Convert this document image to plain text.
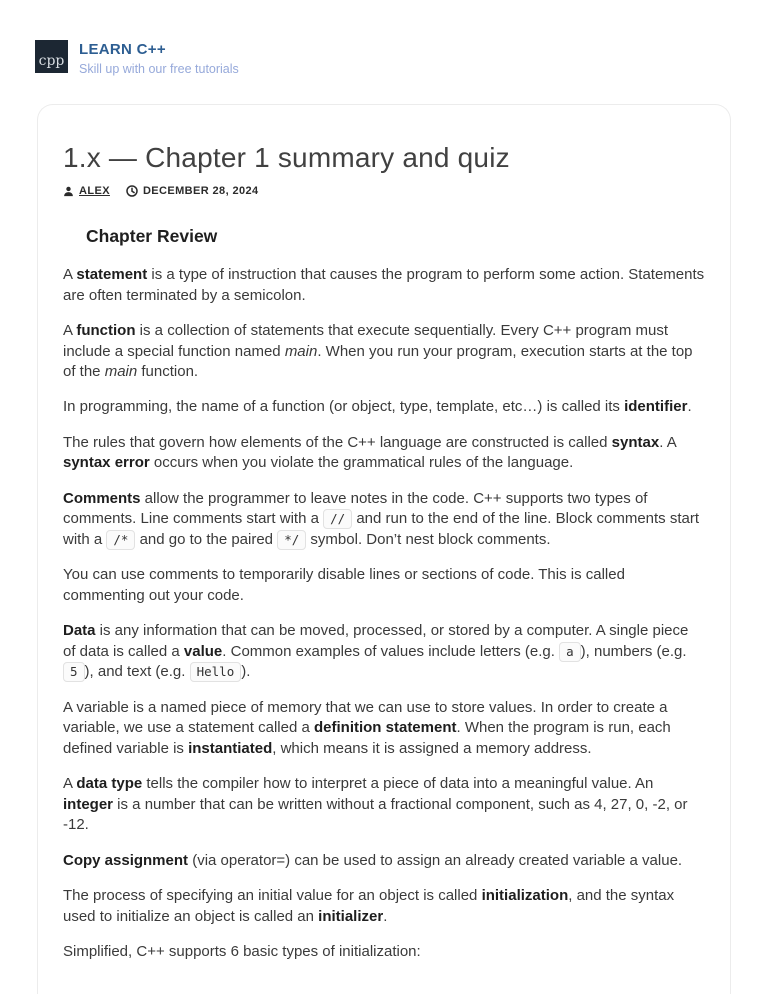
cpp
LEARN C++
Skill up with our free tutorials
1.x — Chapter 1 summary and quiz
ALEX	DECEMBER 28, 2024
Chapter Review

A statement is a type of instruction that causes the program to perform some action. Statements are often terminated by a semicolon.

A function is a collection of statements that execute sequentially. Every C++ program must include a special function named main. When you run your program, execution starts at the top of the main function.

In programming, the name of a function (or object, type, template, etc…) is called its identifier.

The rules that govern how elements of the C++ language are constructed is called syntax. A syntax error occurs when you violate the grammatical rules of the language.

Comments allow the programmer to leave notes in the code. C++ supports two types of comments. Line comments start with a // and run to the end of the line. Block comments start with a /* and go to the paired */ symbol. Don’t nest block comments.

You can use comments to temporarily disable lines or sections of code. This is called commenting out your code.

Data is any information that can be moved, processed, or stored by a computer. A single piece of data is called a value. Common examples of values include letters (e.g. a ), numbers (e.g. 5 ), and text (e.g. Hello ).

A variable is a named piece of memory that we can use to store values. In order to create a variable, we use a statement called a definition statement. When the program is run, each defined variable is instantiated, which means it is assigned a memory address.

A data type tells the compiler how to interpret a piece of data into a meaningful value. An integer is a number that can be written without a fractional component, such as 4, 27, 0, -2, or -12.

Copy assignment (via operator=) can be used to assign an already created variable a value.

The process of specifying an initial value for an object is called initialization, and the syntax used to initialize an object is called an initializer.

Simplified, C++ supports 6 basic types of initialization:
